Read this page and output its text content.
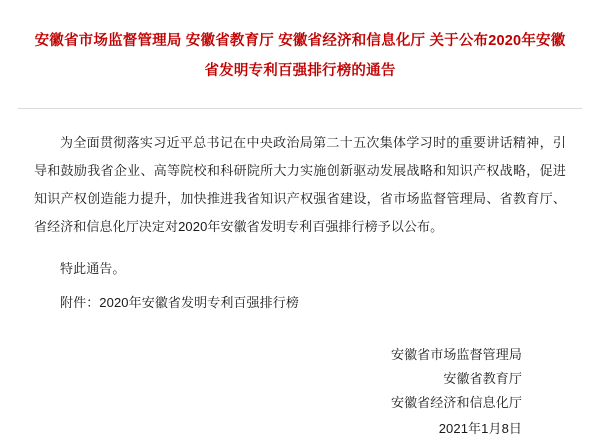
安徽省市场监督管理局 安徽省教育厅 安徽省经济和信息化厅 关于公布2020年安徽
省发明专利百强排行榜的通告

为全面贯彻落实习近平总书记在中央政治局第二十五次集体学习时的重要讲话精神，引导和鼓励我省企业、高等院校和科研院所大力实施创新驱动发展战略和知识产权战略，促进知识产权创造能力提升，加快推进我省知识产权强省建设，省市场监督管理局、省教育厅、省经济和信息化厅决定对2020年安徽省发明专利百强排行榜予以公布。

特此通告。

附件：2020年安徽省发明专利百强排行榜

安徽省市场监督管理局
安徽省教育厅
安徽省经济和信息化厅
2021年1月8日
